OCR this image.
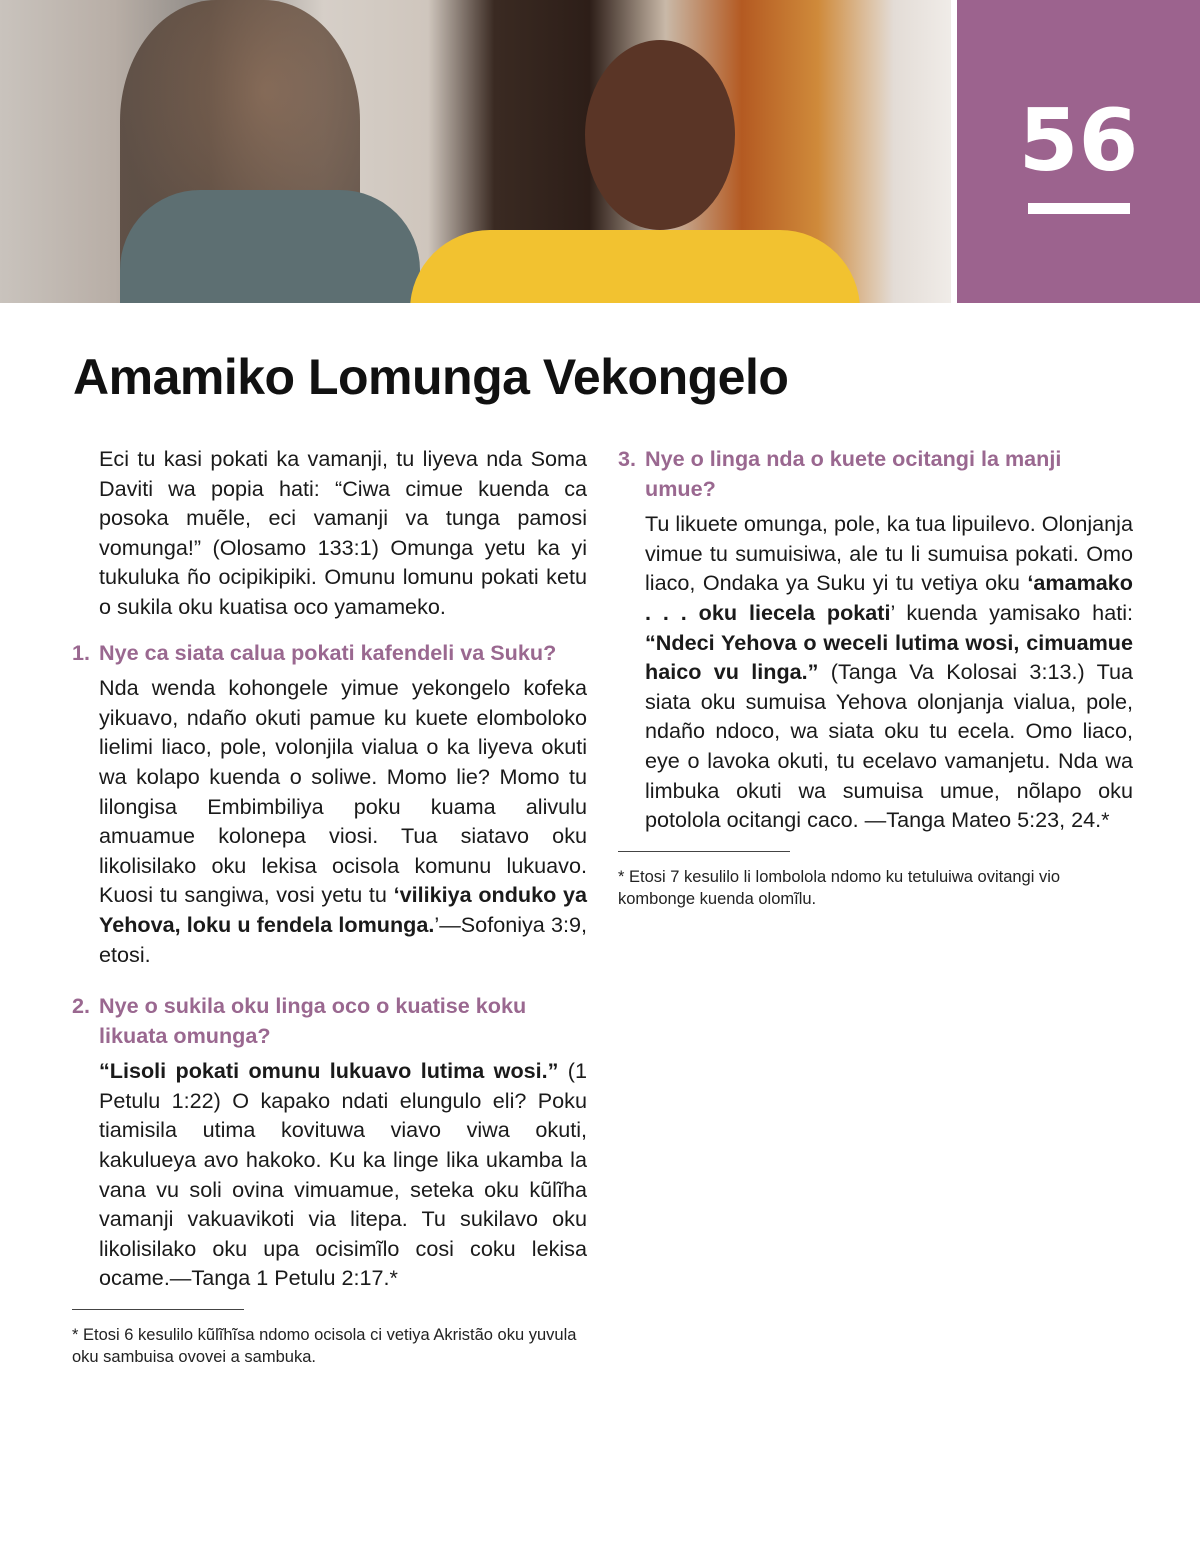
56
Amamiko Lomunga Vekongelo

Eci tu kasi pokati ka vamanji, tu liyeva nda Soma Daviti wa popia hati: “Ciwa cimue kuenda ca posoka muẽle, eci vamanji va tunga pamosi vomunga!” (Olosamo 133:1) Omunga yetu ka yi tukuluka ño ocipikipiki. Omunu lomunu pokati ketu o sukila oku kuatisa oco yamameko.

1. Nye ca siata calua pokati kafendeli va Suku?

Nda wenda kohongele yimue yekongelo kofeka yikuavo, ndaño okuti pamue ku kuete elomboloko lielimi liaco, pole, volonjila vialua o ka liyeva okuti wa kolapo kuenda o soliwe. Momo lie? Momo tu lilongisa Embimbiliya poku kuama alivulu amuamue kolonepa viosi. Tua siatavo oku likolisilako oku lekisa ocisola komunu lukuavo. Kuosi tu sangiwa, vosi yetu tu ‘vilikiya onduko ya Yehova, loku u fendela lomunga.’—Sofoniya 3:9, etosi.

2. Nye o sukila oku linga oco o kuatise koku likuata omunga?

“Lisoli pokati omunu lukuavo lutima wosi.” (1 Petulu 1:22) O kapako ndati elungulo eli? Poku tiamisila utima kovituwa viavo viwa okuti, kakulueya avo hakoko. Ku ka linge lika ukamba la vana vu soli ovina vimuamue, seteka oku kũlĩha vamanji vakuavikoti via litepa. Tu sukilavo oku likolisilako oku upa ocisimĩlo cosi coku lekisa ocame.—Tanga 1 Petulu 2:17.*

* Etosi 6 kesulilo kũlĩhĩsa ndomo ocisola ci vetiya Akristão oku yuvula oku sambuisa ovovei a sambuka.

3. Nye o linga nda o kuete ocitangi la manji umue?

Tu likuete omunga, pole, ka tua lipuilevo. Olonjanja vimue tu sumuisiwa, ale tu li sumuisa pokati. Omo liaco, Ondaka ya Suku yi tu vetiya oku ‘amamako . . . oku liecela pokati’ kuenda yamisako hati: “Ndeci Yehova o weceli lutima wosi, cimuamue haico vu linga.” (Tanga Va Kolosai 3:13.) Tua siata oku sumuisa Yehova olonjanja vialua, pole, ndaño ndoco, wa siata oku tu ecela. Omo liaco, eye o lavoka okuti, tu ecelavo vamanjetu. Nda wa limbuka okuti wa sumuisa umue, nõlapo oku potolola ocitangi caco. —Tanga Mateo 5:23, 24.*

* Etosi 7 kesulilo li lombolola ndomo ku tetuluiwa ovitangi vio kombonge kuenda olomĩlu.
